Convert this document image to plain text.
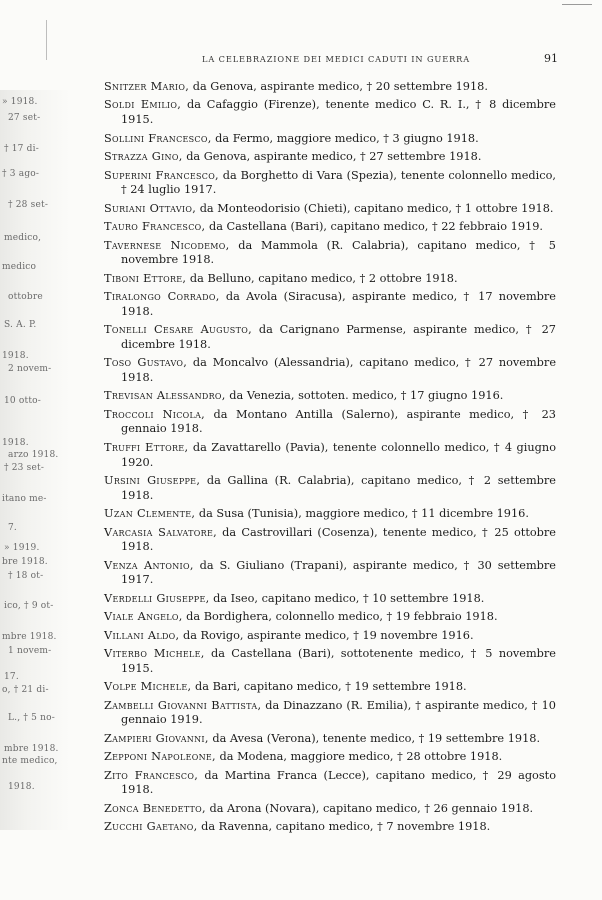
» 1918.
27 set-
† 17 di-
† 3 ago-
† 28 set-
medico,
medico
ottobre
S. A. P.
1918.
2 novem-
10 otto-
1918.
arzo 1918.
† 23 set-
itano me-
7.
» 1919.
bre 1918.
† 18 ot-
ico, † 9 ot-
mbre 1918.
1 novem-
17.
o, † 21 di-
L., † 5 no-
mbre 1918.
nte medico,
1918.
LA CELEBRAZIONE DEI MEDICI CADUTI IN GUERRA	91

Snitzer Mario, da Genova, aspirante medico, † 20 settembre 1918.

Soldi Emilio, da Cafaggio (Firenze), tenente medico C. R. I., † 8 dicembre 1915.

Sollini Francesco, da Fermo, maggiore medico, † 3 giugno 1918.

Strazza Gino, da Genova, aspirante medico, † 27 settembre 1918.

Superini Francesco, da Borghetto di Vara (Spezia), tenente colonnello medico, † 24 luglio 1917.

Suriani Ottavio, da Monteodorisio (Chieti), capitano medico, † 1 ottobre 1918.

Tauro Francesco, da Castellana (Bari), capitano medico, † 22 febbraio 1919.

Tavernese Nicodemo, da Mammola (R. Calabria), capitano medico, † 5 novembre 1918.

Tiboni Ettore, da Belluno, capitano medico, † 2 ottobre 1918.

Tiralongo Corrado, da Avola (Siracusa), aspirante medico, † 17 novembre 1918.

Tonelli Cesare Augusto, da Carignano Parmense, aspirante medico, † 27 dicembre 1918.

Toso Gustavo, da Moncalvo (Alessandria), capitano medico, † 27 novembre 1918.

Trevisan Alessandro, da Venezia, sottoten. medico, † 17 giugno 1916.

Troccoli Nicola, da Montano Antilla (Salerno), aspirante medico, † 23 gennaio 1918.

Truffi Ettore, da Zavattarello (Pavia), tenente colonnello medico, † 4 giugno 1920.

Ursini Giuseppe, da Gallina (R. Calabria), capitano medico, † 2 settembre 1918.

Uzan Clemente, da Susa (Tunisia), maggiore medico, † 11 dicembre 1916.

Varcasia Salvatore, da Castrovillari (Cosenza), tenente medico, † 25 ottobre 1918.

Venza Antonio, da S. Giuliano (Trapani), aspirante medico, † 30 settembre 1917.

Verdelli Giuseppe, da Iseo, capitano medico, † 10 settembre 1918.

Viale Angelo, da Bordighera, colonnello medico, † 19 febbraio 1918.

Villani Aldo, da Rovigo, aspirante medico, † 19 novembre 1916.

Viterbo Michele, da Castellana (Bari), sottotenente medico, † 5 novembre 1915.

Volpe Michele, da Bari, capitano medico, † 19 settembre 1918.

Zambelli Giovanni Battista, da Dinazzano (R. Emilia), † aspirante medico, † 10 gennaio 1919.

Zampieri Giovanni, da Avesa (Verona), tenente medico, † 19 settembre 1918.

Zepponi Napoleone, da Modena, maggiore medico, † 28 ottobre 1918.

Zito Francesco, da Martina Franca (Lecce), capitano medico, † 29 agosto 1918.

Zonca Benedetto, da Arona (Novara), capitano medico, † 26 gennaio 1918.

Zucchi Gaetano, da Ravenna, capitano medico, † 7 novembre 1918.
